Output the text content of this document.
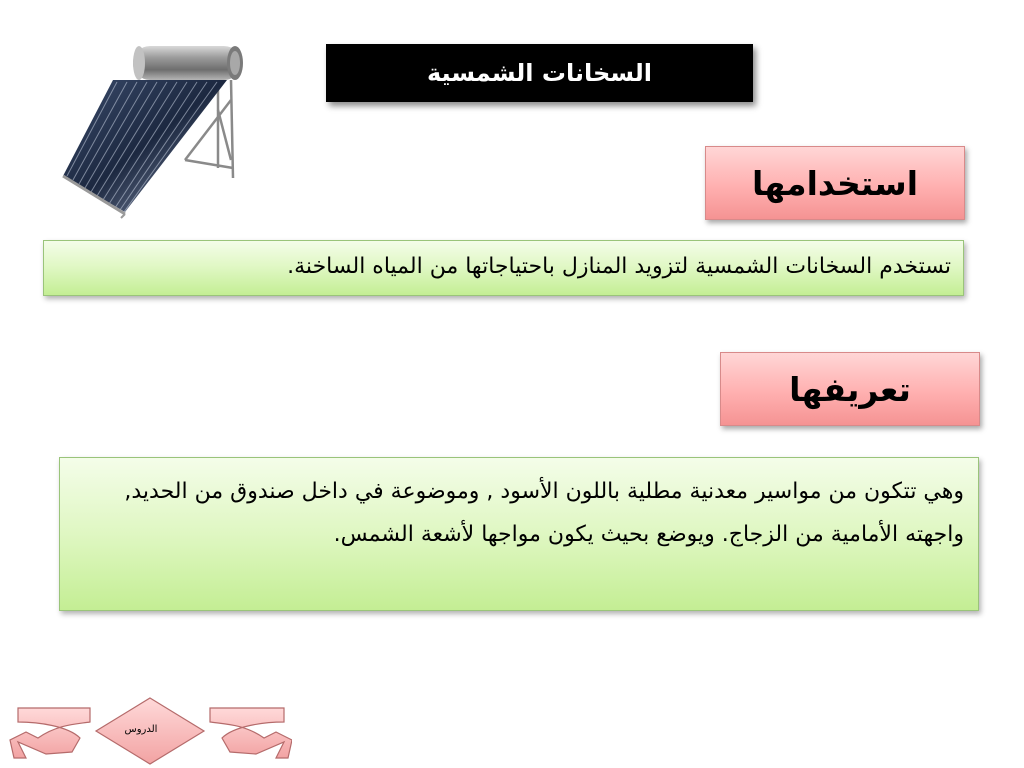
السخانات الشمسية
استخدامها
تستخدم السخانات الشمسية لتزويد المنازل باحتياجاتها من المياه الساخنة.
تعريفها
وهي تتكون من مواسير معدنية مطلية باللون الأسود , وموضوعة في داخل صندوق من الحديد, واجهته الأمامية من الزجاج. ويوضع بحيث يكون مواجها لأشعة الشمس.
الدروس
